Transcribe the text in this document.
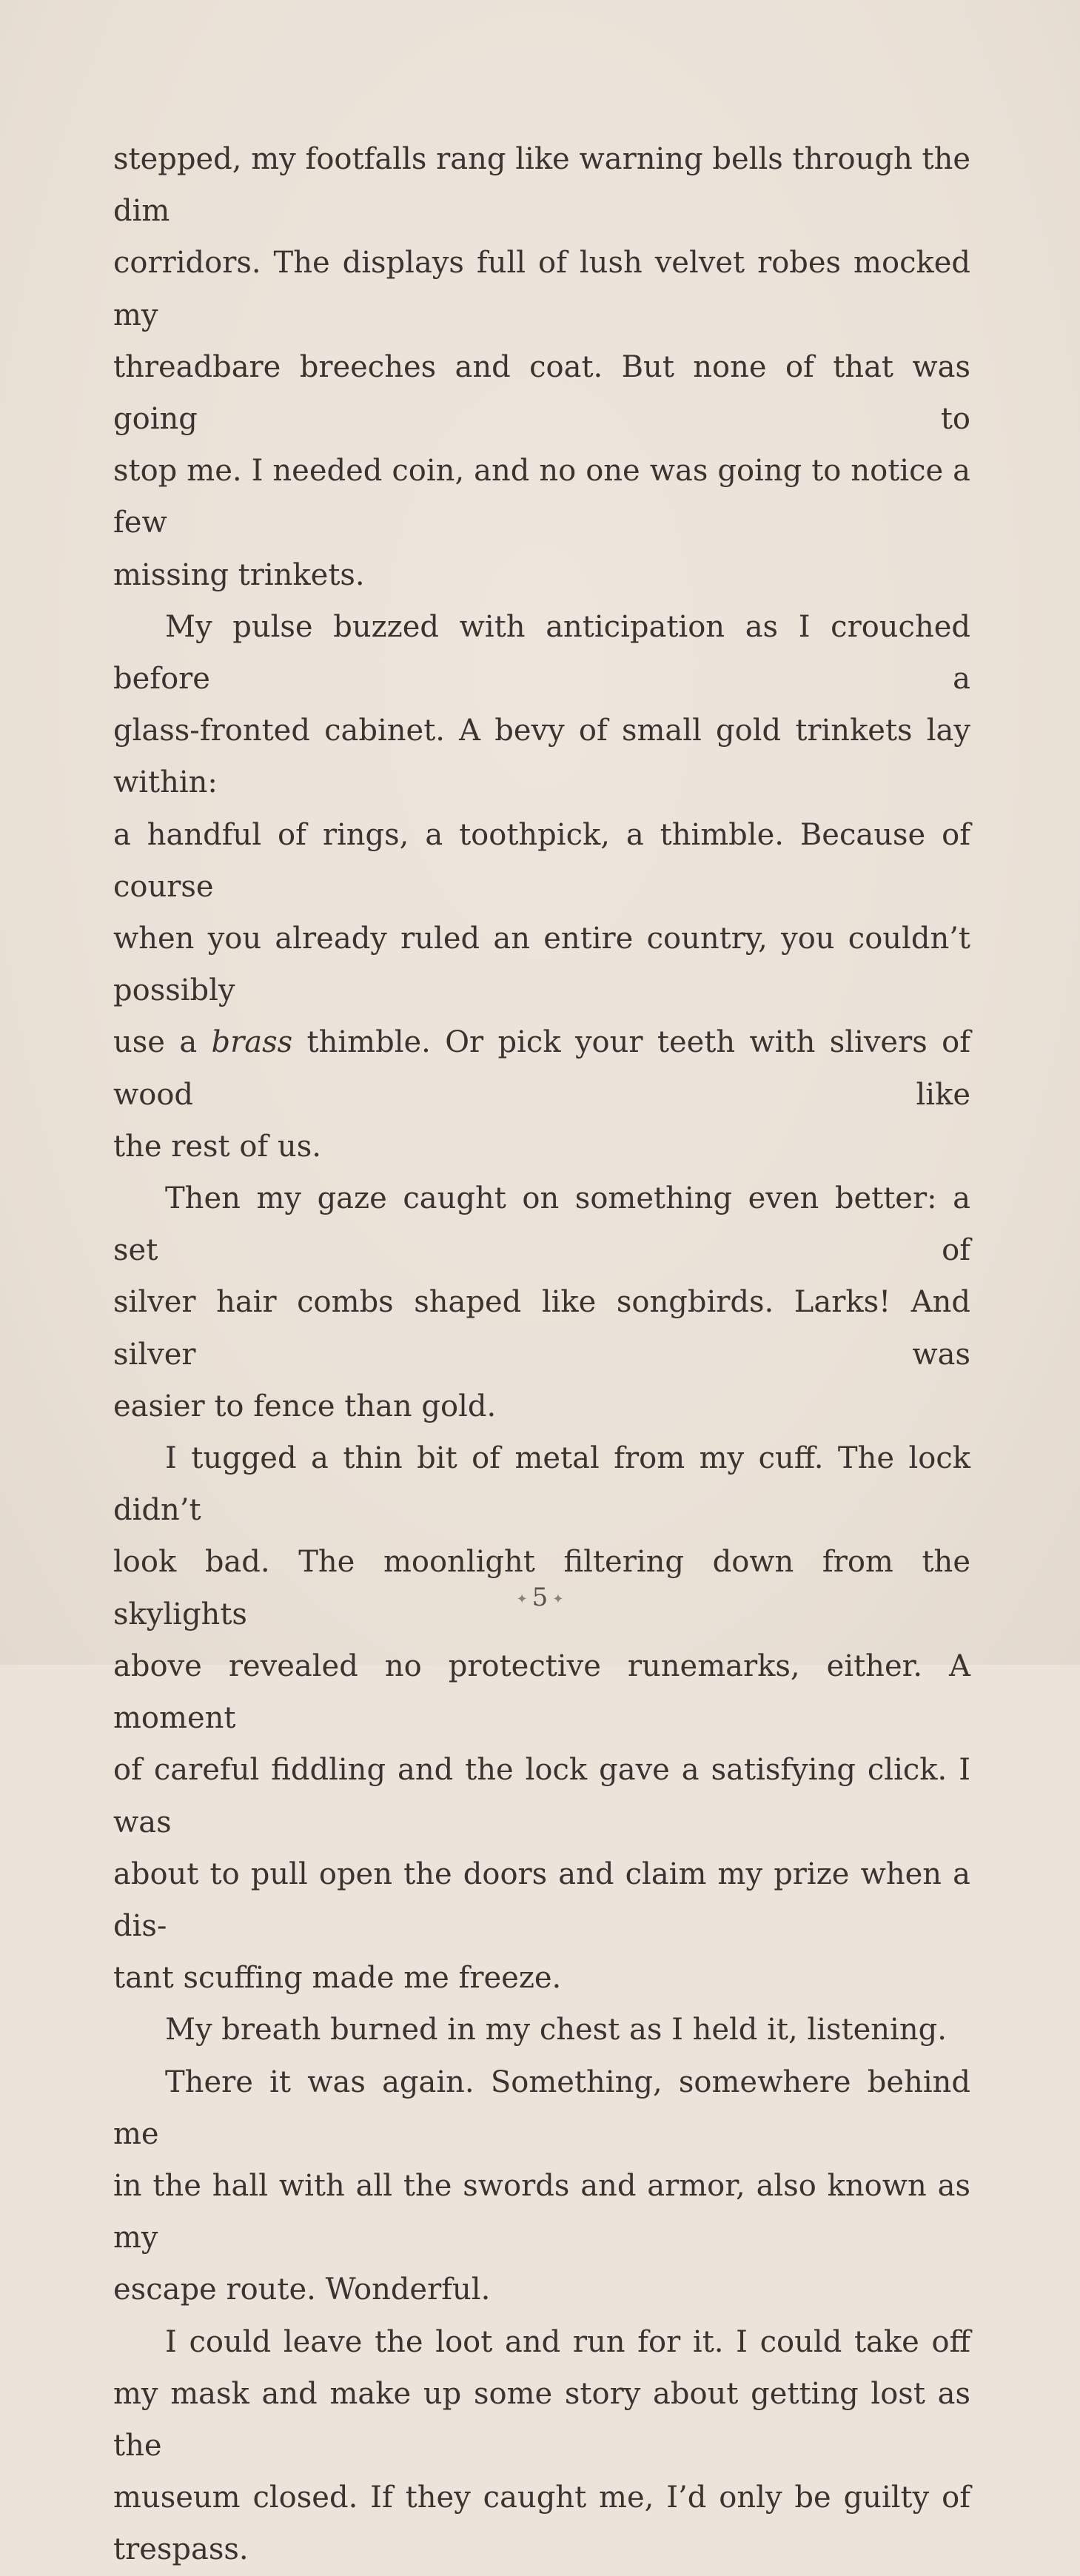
stepped, my footfalls rang like warning bells through the dim
corridors. The displays full of lush velvet robes mocked my
threadbare breeches and coat. But none of that was going to
stop me. I needed coin, and no one was going to notice a few
missing trinkets.

My pulse buzzed with anticipation as I crouched before a
glass-fronted cabinet. A bevy of small gold trinkets lay within:
a handful of rings, a toothpick, a thimble. Because of course
when you already ruled an entire country, you couldn’t possibly
use a brass thimble. Or pick your teeth with slivers of wood like
the rest of us.

Then my gaze caught on something even better: a set of
silver hair combs shaped like songbirds. Larks! And silver was
easier to fence than gold.

I tugged a thin bit of metal from my cuff. The lock didn’t
look bad. The moonlight filtering down from the skylights
above revealed no protective runemarks, either. A moment
of careful fiddling and the lock gave a satisfying click. I was
about to pull open the doors and claim my prize when a dis-
tant scuffing made me freeze.

My breath burned in my chest as I held it, listening.

There it was again. Something, somewhere behind me
in the hall with all the swords and armor, also known as my
escape route. Wonderful.

I could leave the loot and run for it. I could take off
my mask and make up some story about getting lost as the
museum closed. If they caught me, I’d only be guilty of trespass.

✦ 5 ✦
